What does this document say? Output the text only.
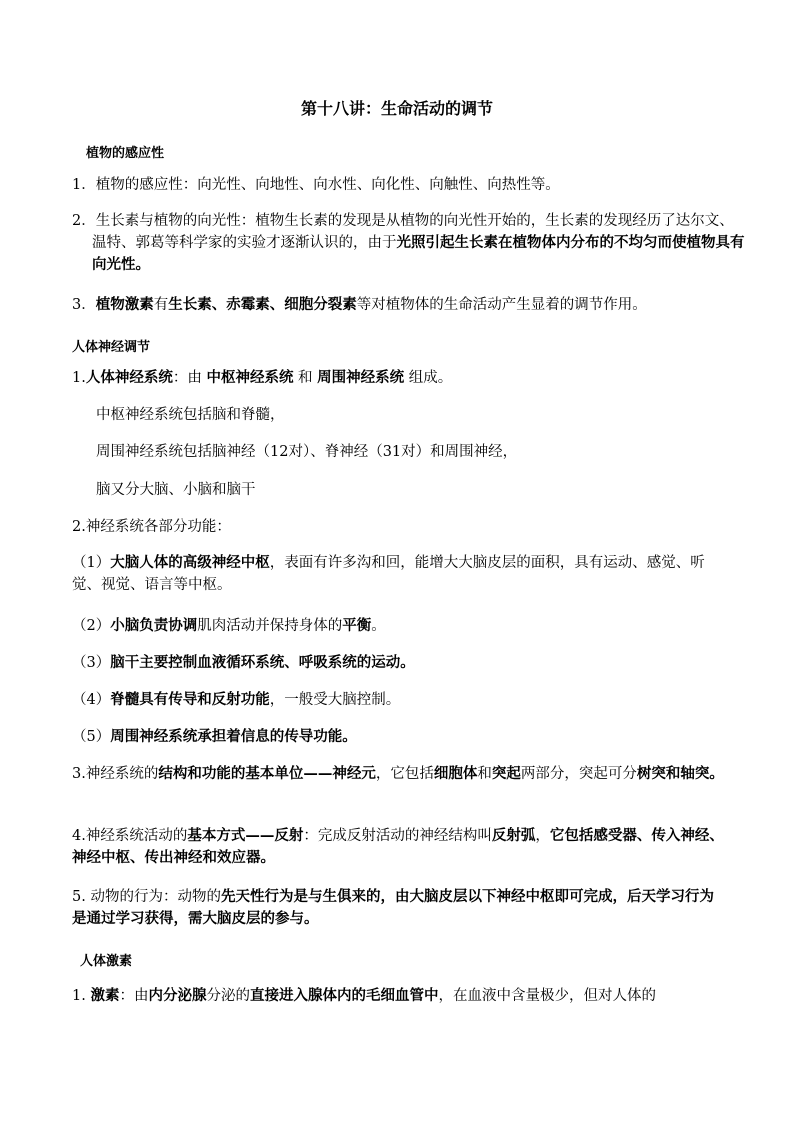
第十八讲：生命活动的调节
植物的感应性
1．植物的感应性：向光性、向地性、向水性、向化性、向触性、向热性等。
2．生长素与植物的向光性：植物生长素的发现是从植物的向光性开始的，生长素的发现经历了达尔文、温特、郭葛等科学家的实验才逐渐认识的，由于光照引起生长素在植物体内分布的不均匀而使植物具有向光性。
3．植物激素有生长素、赤霉素、细胞分裂素等对植物体的生命活动产生显着的调节作用。
人体神经调节
1.人体神经系统：由 中枢神经系统 和 周围神经系统 组成。
中枢神经系统包括脑和脊髓，
周围神经系统包括脑神经（12对）、脊神经（31对）和周围神经，
脑又分大脑、小脑和脑干
2.神经系统各部分功能：
（1）大脑人体的高级神经中枢，表面有许多沟和回，能增大大脑皮层的面积，具有运动、感觉、听觉、视觉、语言等中枢。
（2）小脑负责协调肌肉活动并保持身体的平衡。
（3）脑干主要控制血液循环系统、呼吸系统的运动。
（4）脊髓具有传导和反射功能，一般受大脑控制。
（5）周围神经系统承担着信息的传导功能。
3.神经系统的结构和功能的基本单位——神经元，它包括细胞体和突起两部分，突起可分树突和轴突。
4.神经系统活动的基本方式——反射：完成反射活动的神经结构叫反射弧，它包括感受器、传入神经、神经中枢、传出神经和效应器。
5. 动物的行为：动物的先天性行为是与生俱来的，由大脑皮层以下神经中枢即可完成，后天学习行为是通过学习获得，需大脑皮层的参与。
人体激素
1. 激素：由内分泌腺分泌的直接进入腺体内的毛细血管中，在血液中含量极少，但对人体的
